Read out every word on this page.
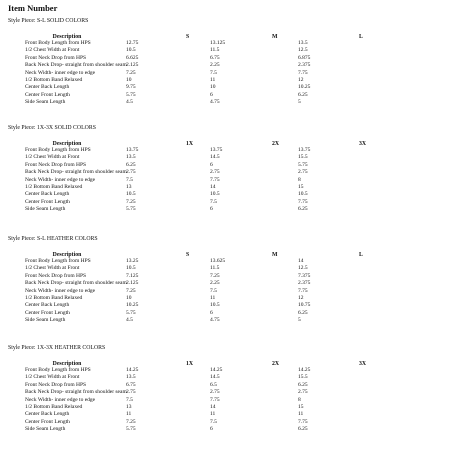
Item Number
Style Piece: S-L SOLID COLORS
Description	S	M	L
Front Body Length from HPS	12.75	13.125	13.5
1/2 Chest Width at Front	10.5	11.5	12.5
Front Neck Drop from HPS	6.625	6.75	6.875
Back Neck Drop- straight from shoulder seam 2.125	2.25	2.375
Neck Width- inner edge to edge	7.25	7.5	7.75
1/2 Bottom Band Relaxed	10	11	12
Center Back Length	9.75	10	10.25
Center Front Length	5.75	6	6.25
Side Seam Length	4.5	4.75	5
Style Piece: 1X-3X SOLID COLORS
Description	1X	2X	3X
Front Body Length from HPS	13.75	13.75	13.75
1/2 Chest Width at Front	13.5	14.5	15.5
Front Neck Drop from HPS	6.25	6	5.75
Back Neck Drop- straight from shoulder seam 2.75	2.75	2.75
Neck Width- inner edge to edge	7.5	7.75	8
1/2 Bottom Band Relaxed	13	14	15
Center Back Length	10.5	10.5	10.5
Center Front Length	7.25	7.5	7.75
Side Seam Length	5.75	6	6.25
Style Piece: S-L HEATHER COLORS
Description	S	M	L
Front Body Length from HPS	13.25	13.625	14
1/2 Chest Width at Front	10.5	11.5	12.5
Front Neck Drop from HPS	7.125	7.25	7.375
Back Neck Drop- straight from shoulder seam 2.125	2.25	2.375
Neck Width- inner edge to edge	7.25	7.5	7.75
1/2 Bottom Band Relaxed	10	11	12
Center Back Length	10.25	10.5	10.75
Center Front Length	5.75	6	6.25
Side Seam Length	4.5	4.75	5
Style Piece: 1X-3X HEATHER COLORS
Description	1X	2X	3X
Front Body Length from HPS	14.25	14.25	14.25
1/2 Chest Width at Front	13.5	14.5	15.5
Front Neck Drop from HPS	6.75	6.5	6.25
Back Neck Drop- straight from shoulder seam 2.75	2.75	2.75
Neck Width- inner edge to edge	7.5	7.75	8
1/2 Bottom Band Relaxed	13	14	15
Center Back Length	11	11	11
Center Front Length	7.25	7.5	7.75
Side Seam Length	5.75	6	6.25
